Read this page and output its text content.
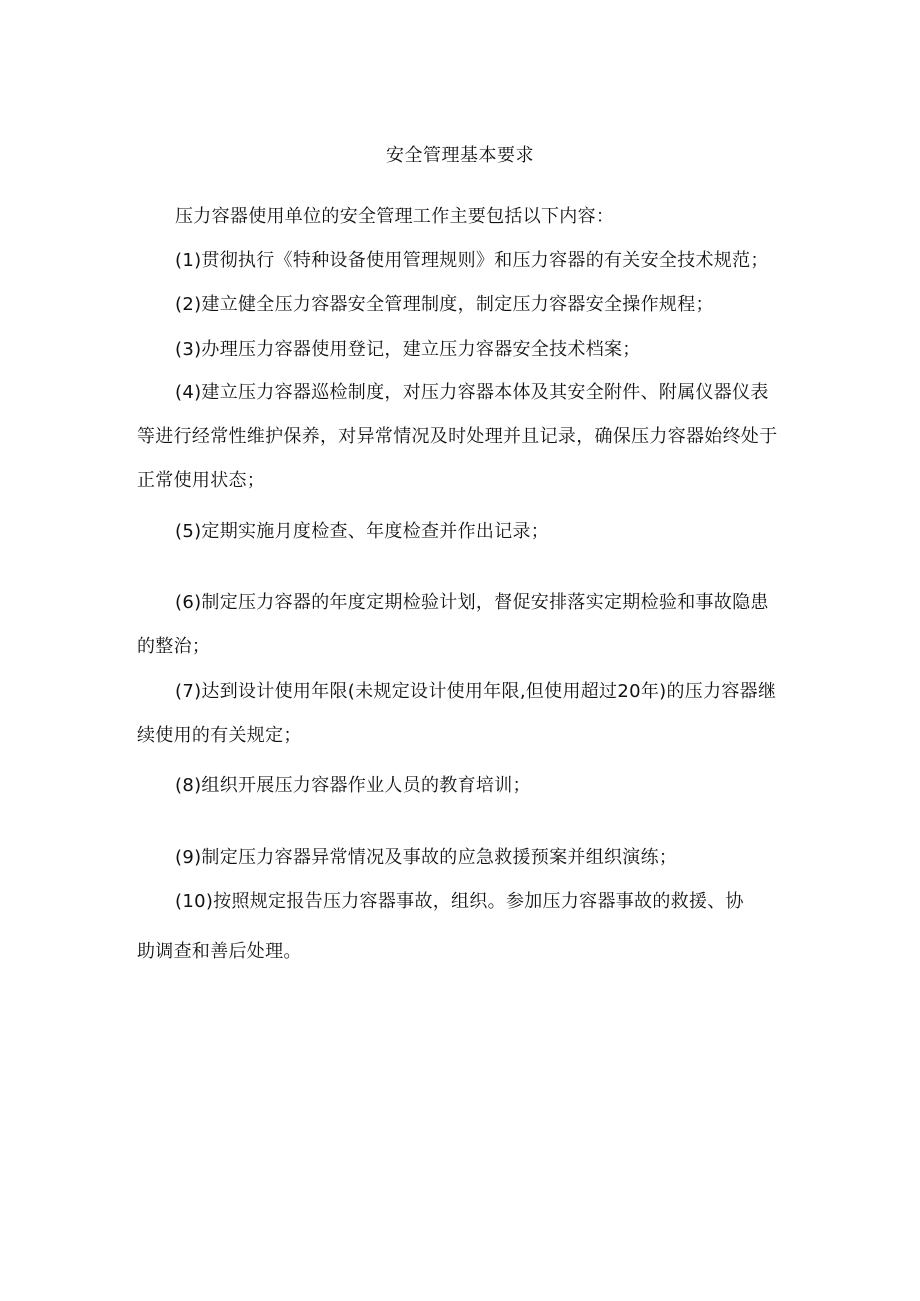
安全管理基本要求
压力容器使用单位的安全管理工作主要包括以下内容：
(1)贯彻执行《特种设备使用管理规则》和压力容器的有关安全技术规范；
(2)建立健全压力容器安全管理制度，制定压力容器安全操作规程；
(3)办理压力容器使用登记，建立压力容器安全技术档案；
(4)建立压力容器巡检制度，对压力容器本体及其安全附件、附属仪器仪表
等进行经常性维护保养，对异常情况及时处理并且记录，确保压力容器始终处于
正常使用状态；
(5)定期实施月度检查、年度检查并作出记录；
(6)制定压力容器的年度定期检验计划，督促安排落实定期检验和事故隐患
的整治；
(7)达到设计使用年限(未规定设计使用年限,但使用超过20年)的压力容器继
续使用的有关规定；
(8)组织开展压力容器作业人员的教育培训；
(9)制定压力容器异常情况及事故的应急救援预案并组织演练；
(10)按照规定报告压力容器事故，组织。参加压力容器事故的救援、协
助调查和善后处理。
